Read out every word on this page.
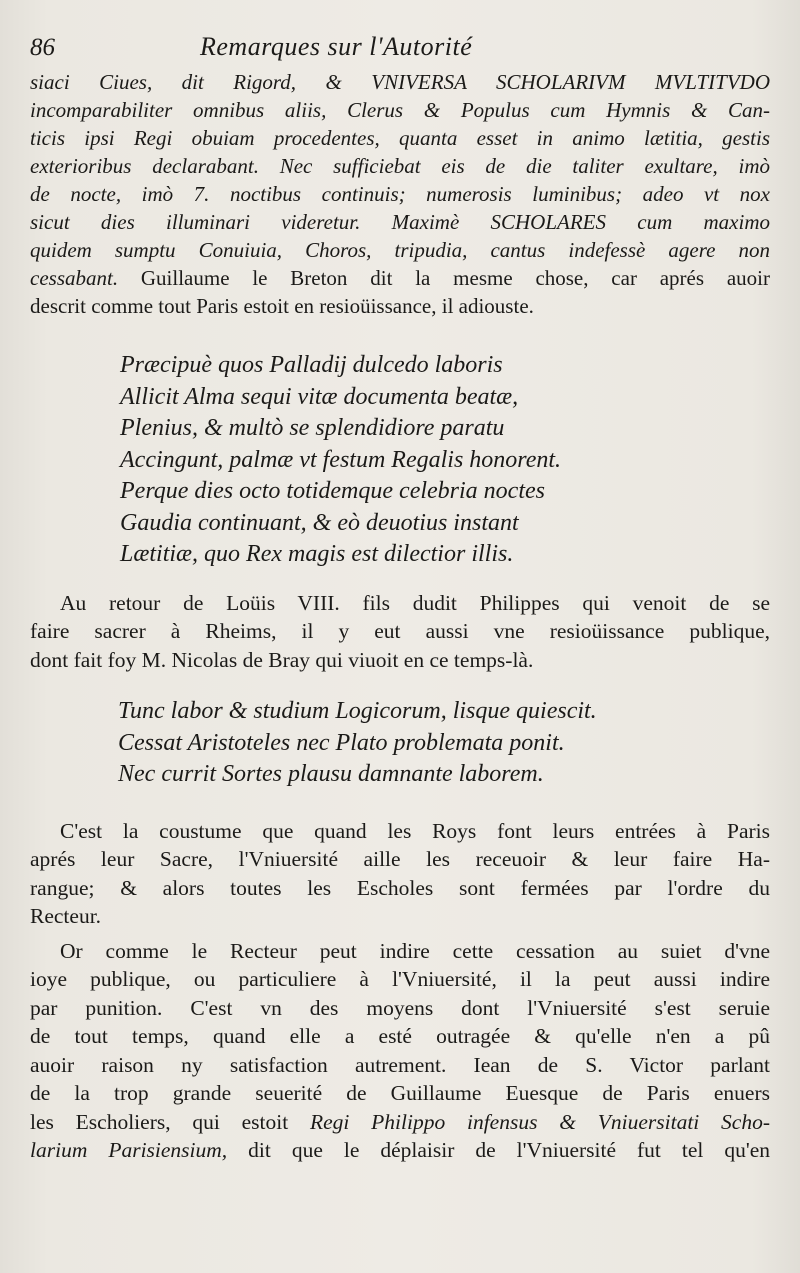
86	Remarques sur l'Autorité

siaci Ciues, dit Rigord, & VNIVERSA SCHOLARIVM MVLTITVDO
incomparabiliter omnibus aliis, Clerus & Populus cum Hymnis & Can-
ticis ipsi Regi obuiam procedentes, quanta esset in animo lætitia, gestis
exterioribus declarabant. Nec sufficiebat eis de die taliter exultare, imò
de nocte, imò 7. noctibus continuis; numerosis luminibus; adeo vt nox
sicut dies illuminari videretur. Maximè SCHOLARES cum maximo
quidem sumptu Conuiuia, Choros, tripudia, cantus indefessè agere non
cessabant. Guillaume le Breton dit la mesme chose, car aprés auoir
descrit comme tout Paris estoit en resioüissance, il adiouste.

Præcipuè quos Palladij dulcedo laboris
Allicit Alma sequi vitæ documenta beatæ,
Plenius, & multò se splendidiore paratu
Accingunt, palmæ vt festum Regalis honorent.
Perque dies octo totidemque celebria noctes
Gaudia continuant, & eò deuotius instant
Lætitiæ, quo Rex magis est dilectior illis.

Au retour de Loüis VIII. fils dudit Philippes qui venoit de se
faire sacrer à Rheims, il y eut aussi vne resioüissance publique,
dont fait foy M. Nicolas de Bray qui viuoit en ce temps-là.

Tunc labor & studium Logicorum, lisque quiescit.
Cessat Aristoteles nec Plato problemata ponit.
Nec currit Sortes plausu damnante laborem.

C'est la coustume que quand les Roys font leurs entrées à Paris
aprés leur Sacre, l'Vniuersité aille les receuoir & leur faire Ha-
rangue; & alors toutes les Escholes sont fermées par l'ordre du
Recteur.

Or comme le Recteur peut indire cette cessation au suiet d'vne
ioye publique, ou particuliere à l'Vniuersité, il la peut aussi indire
par punition. C'est vn des moyens dont l'Vniuersité s'est seruie
de tout temps, quand elle a esté outragée & qu'elle n'en a pû
auoir raison ny satisfaction autrement. Iean de S. Victor parlant
de la trop grande seuerité de Guillaume Euesque de Paris enuers
les Escholiers, qui estoit Regi Philippo infensus & Vniuersitati Scho-
larium Parisiensium, dit que le déplaisir de l'Vniuersité fut tel qu'en
